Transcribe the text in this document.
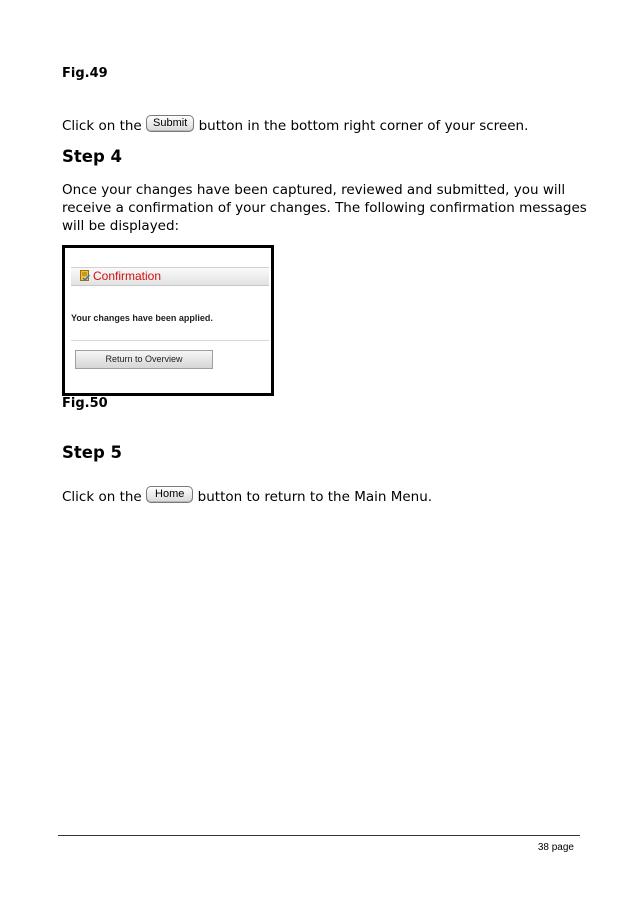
Fig.49
Click on the Submit button in the bottom right corner of your screen.
Step 4
Once your changes have been captured, reviewed and submitted, you will
receive a confirmation of your changes. The following confirmation messages
will be displayed:
Confirmation
Your changes have been applied.
Return to Overview
Fig.50
Step 5
Click on the Home button to return to the Main Menu.
38 page
